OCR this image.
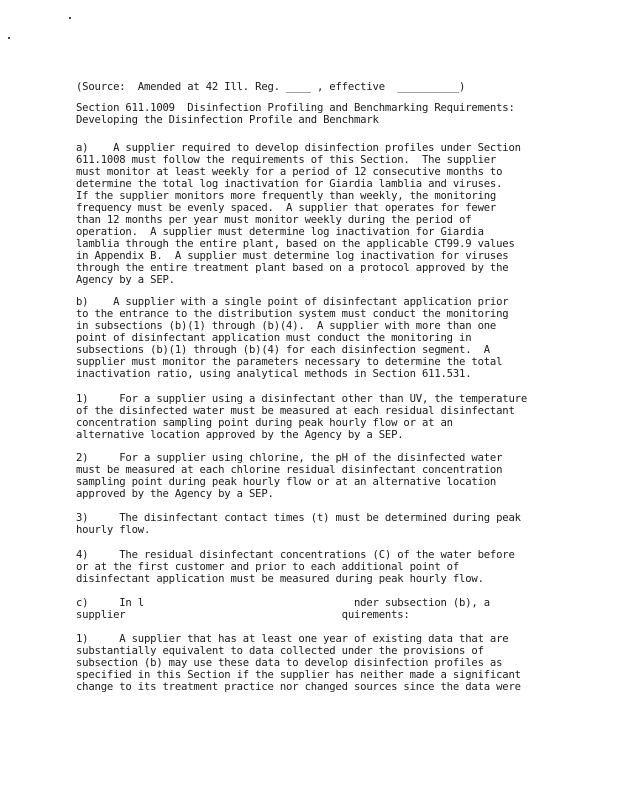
(Source:  Amended at 42 Ill. Reg. ____ , effective  __________)
Section 611.1009  Disinfection Profiling and Benchmarking Requirements:
Developing the Disinfection Profile and Benchmark
a)    A supplier required to develop disinfection profiles under Section
611.1008 must follow the requirements of this Section.  The supplier
must monitor at least weekly for a period of 12 consecutive months to
determine the total log inactivation for Giardia lamblia and viruses.
If the supplier monitors more frequently than weekly, the monitoring
frequency must be evenly spaced.  A supplier that operates for fewer
than 12 months per year must monitor weekly during the period of
operation.  A supplier must determine log inactivation for Giardia
lamblia through the entire plant, based on the applicable CT99.9 values
in Appendix B.  A supplier must determine log inactivation for viruses
through the entire treatment plant based on a protocol approved by the
Agency by a SEP.
b)    A supplier with a single point of disinfectant application prior
to the entrance to the distribution system must conduct the monitoring
in subsections (b)(1) through (b)(4).  A supplier with more than one
point of disinfectant application must conduct the monitoring in
subsections (b)(1) through (b)(4) for each disinfection segment.  A
supplier must monitor the parameters necessary to determine the total
inactivation ratio, using analytical methods in Section 611.531.
1)     For a supplier using a disinfectant other than UV, the temperature
of the disinfected water must be measured at each residual disinfectant
concentration sampling point during peak hourly flow or at an
alternative location approved by the Agency by a SEP.
2)     For a supplier using chlorine, the pH of the disinfected water
must be measured at each chlorine residual disinfectant concentration
sampling point during peak hourly flow or at an alternative location
approved by the Agency by a SEP.
3)     The disinfectant contact times (t) must be determined during peak
hourly flow.
4)     The residual disinfectant concentrations (C) of the water before
or at the first customer and prior to each additional point of
disinfectant application must be measured during peak hourly flow.
c)     In l                                  nder subsection (b), a
supplier                                   quirements:
1)     A supplier that has at least one year of existing data that are
substantially equivalent to data collected under the provisions of
subsection (b) may use these data to develop disinfection profiles as
specified in this Section if the supplier has neither made a significant
change to its treatment practice nor changed sources since the data were
